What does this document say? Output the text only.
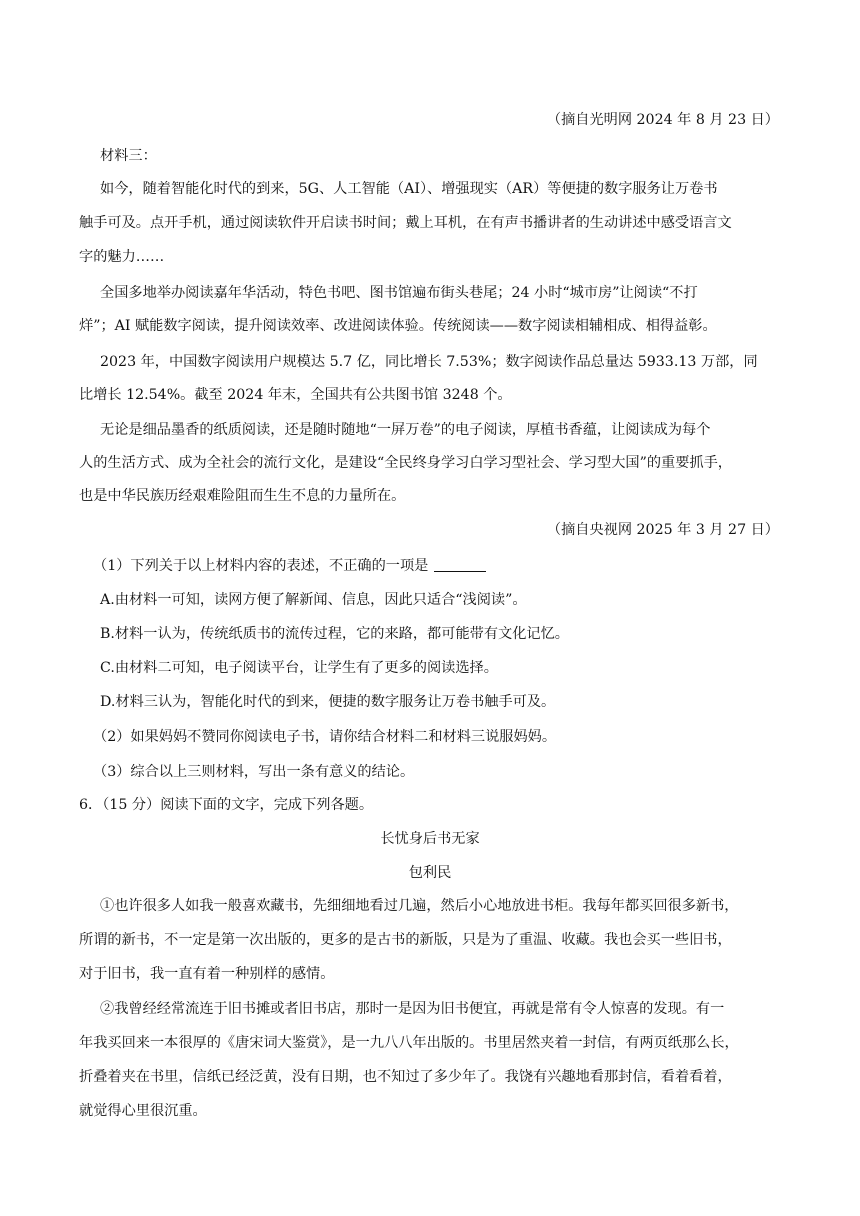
（摘自光明网 2024 年 8 月 23 日）

材料三：

如今，随着智能化时代的到来，5G、人工智能（AI）、增强现实（AR）等便捷的数字服务让万卷书

触手可及。点开手机，通过阅读软件开启读书时间；戴上耳机，在有声书播讲者的生动讲述中感受语言文

字的魅力……

全国多地举办阅读嘉年华活动，特色书吧、图书馆遍布街头巷尾；24 小时“城市房”让阅读“不打

烊”；AI 赋能数字阅读，提升阅读效率、改进阅读体验。传统阅读——数字阅读相辅相成、相得益彰。

2023 年，中国数字阅读用户规模达 5.7 亿，同比增长 7.53%；数字阅读作品总量达 5933.13 万部，同

比增长 12.54%。截至 2024 年末，全国共有公共图书馆 3248 个。

无论是细品墨香的纸质阅读，还是随时随地“一屏万卷”的电子阅读，厚植书香蕴，让阅读成为每个

人的生活方式、成为全社会的流行文化，是建设“全民终身学习白学习型社会、学习型大国”的重要抓手，

也是中华民族历经艰难险阻而生生不息的力量所在。

（摘自央视网 2025 年 3 月 27 日）

（1）下列关于以上材料内容的表述，不正确的一项是

A.由材料一可知，读网方便了解新闻、信息，因此只适合“浅阅读”。

B.材料一认为，传统纸质书的流传过程，它的来路，都可能带有文化记忆。

C.由材料二可知，电子阅读平台，让学生有了更多的阅读选择。

D.材料三认为，智能化时代的到来，便捷的数字服务让万卷书触手可及。

（2）如果妈妈不赞同你阅读电子书，请你结合材料二和材料三说服妈妈。

（3）综合以上三则材料，写出一条有意义的结论。

6．（15 分）阅读下面的文字，完成下列各题。

长忧身后书无家

包利民

①也许很多人如我一般喜欢藏书，先细细地看过几遍，然后小心地放进书柜。我每年都买回很多新书，

所谓的新书，不一定是第一次出版的，更多的是古书的新版，只是为了重温、收藏。我也会买一些旧书，

对于旧书，我一直有着一种别样的感情。

②我曾经经常流连于旧书摊或者旧书店，那时一是因为旧书便宜，再就是常有令人惊喜的发现。有一

年我买回来一本很厚的《唐宋词大鉴赏》，是一九八八年出版的。书里居然夹着一封信，有两页纸那么长，

折叠着夹在书里，信纸已经泛黄，没有日期，也不知过了多少年了。我饶有兴趣地看那封信，看着看着，

就觉得心里很沉重。
